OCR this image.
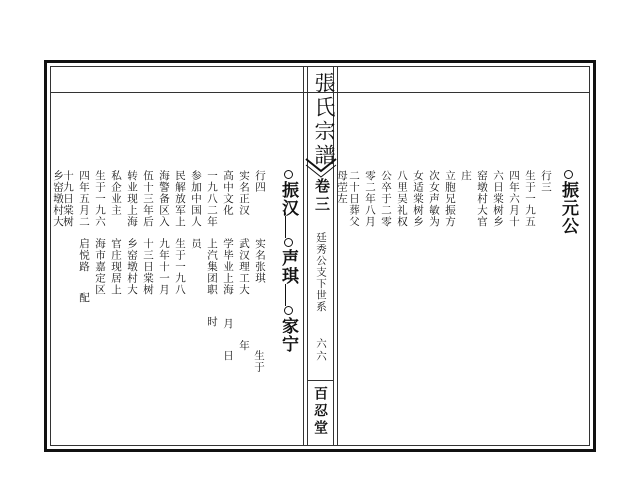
張氏宗譜
卷三
廷秀公支下世系
六六
百忍堂
振元公
行三
生于一九五
四年六月十
六日棠树乡
窑墩村大官
庄
立胞兄振方
次女声敏为
女适棠树乡
八里吴礼权
公卒于二零
零二年八月
二十日葬父
母茔左
振汉
声琪
家宁
生于
实名张琪
武汉理工大
学毕业上海
月
年
日
上汽集团职
时
员
生于一九八
九年十一月
十三日棠树
乡窑墩村大
官庄现居上
海市嘉定区
启悦路
配
行四
实名正汉
高中文化
一九八二年
参加中国人
民解放军上
海警备区入
伍十三年后
转业现上海
私企业主
生于一九六
四年五月二
十九日棠树
乡窑墩村大
